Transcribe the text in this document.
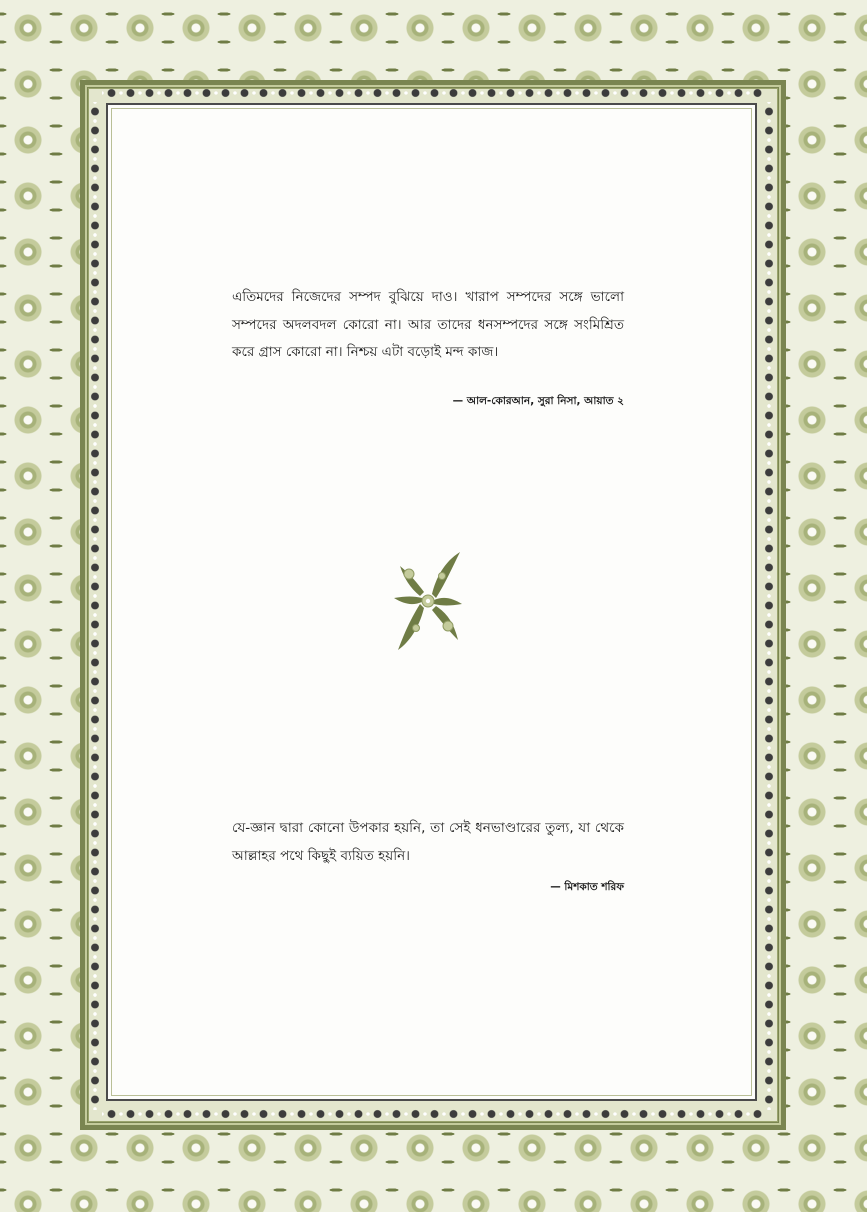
এতিমদের নিজেদের সম্পদ বুঝিয়ে দাও। খারাপ সম্পদের সঙ্গে ভালো সম্পদের অদলবদল কোরো না। আর তাদের ধনসম্পদের সঙ্গে সংমিশ্রিত করে গ্রাস কোরো না। নিশ্চয় এটা বড়োই মন্দ কাজ।

— আল-কোরআন, সুরা নিসা, আয়াত ২

যে-জ্ঞান দ্বারা কোনো উপকার হয়নি, তা সেই ধনভাণ্ডারের তুল্য, যা থেকে আল্লাহর পথে কিছুই ব্যয়িত হয়নি।

— মিশকাত শরিফ
